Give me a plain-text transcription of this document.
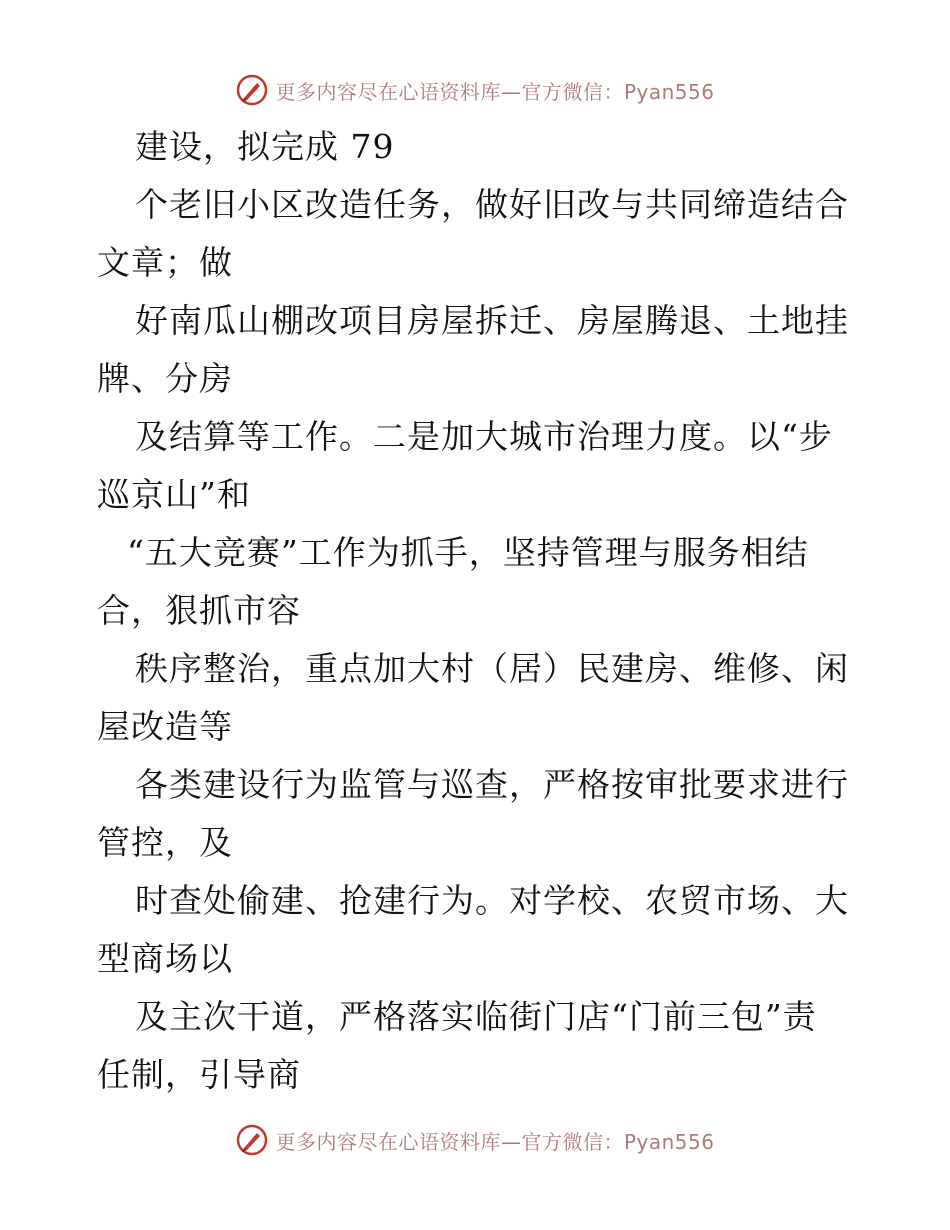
更多内容尽在心语资料库—官方微信：Pyan556
建设，拟完成 79
个老旧小区改造任务，做好旧改与共同缔造结合
文章；做
好南瓜山棚改项目房屋拆迁、房屋腾退、土地挂
牌、分房
及结算等工作。二是加大城市治理力度。以“步
巡京山”和
“五大竞赛”工作为抓手，坚持管理与服务相结
合，狠抓市容
秩序整治，重点加大村（居）民建房、维修、闲
屋改造等
各类建设行为监管与巡查，严格按审批要求进行
管控，及
时查处偷建、抢建行为。对学校、农贸市场、大
型商场以
及主次干道，严格落实临街门店“门前三包”责
任制，引导商
更多内容尽在心语资料库—官方微信：Pyan556
